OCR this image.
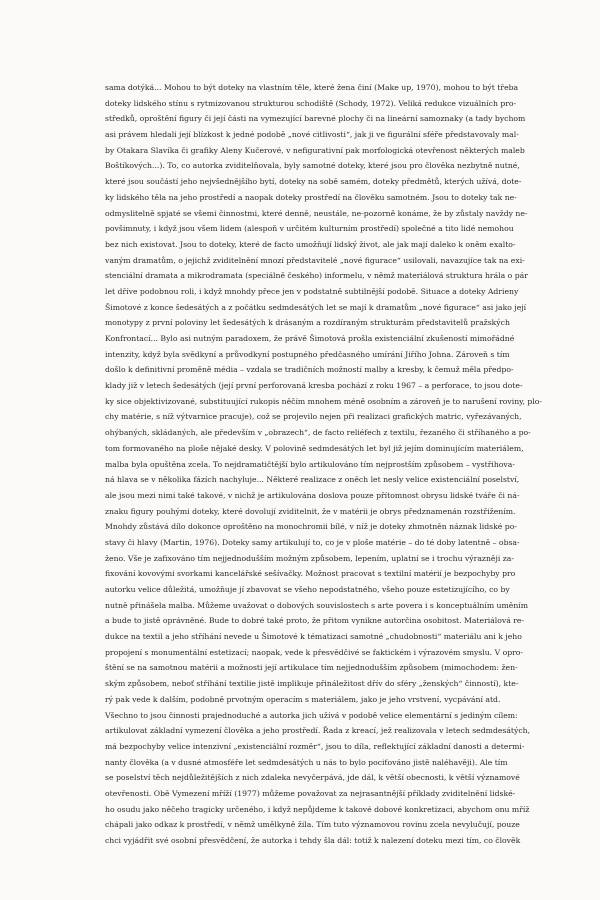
sama dotýká... Mohou to být doteky na vlastním těle, které žena činí (Make up, 1970), mohou to být třeba
doteky lidského stínu s rytmizovanou strukturou schodiště (Schody, 1972). Veliká redukce vizuálních pro-
středků, oproštění figury či její části na vymezující barevné plochy či na lineární samoznaky (a tady bychom
asi právem hledali její blízkost k jedné podobě „nové citlivosti“, jak ji ve figurální sféře představovaly mal-
by Otakara Slavíka či grafiky Aleny Kučerové, v nefigurativní pak morfologická otevřenost některých maleb
Boštíkových...). To, co autorka zviditelňovala, byly samotné doteky, které jsou pro člověka nezbytně nutné,
které jsou součástí jeho nejvšednějšího bytí, doteky na sobě samém, doteky předmětů, kterých užívá, dote-
ky lidského těla na jeho prostředí a naopak doteky prostředí na člověku samotném. Jsou to doteky tak ne-
odmyslitelně spjaté se všemi činnostmi, které denně, neustále, ne-pozorně konáme, že by zůstaly navždy ne-
povšimnuty, i když jsou všem lidem (alespoň v určitém kulturním prostředí) společné a tito lidé nemohou
bez nich existovat. Jsou to doteky, které de facto umožňují lidský život, ale jak mají daleko k oněm exalto-
vaným dramatům, o jejichž zviditelnění mnozí představitelé „nové figurace“ usilovali, navazujíce tak na exi-
stenciální dramata a mikrodramata (speciálně českého) informelu, v němž materiálová struktura hrála o pár
let dříve podobnou roli, i když mnohdy přece jen v podstatně subtilnější podobě. Situace a doteky Adrieny
Šimotové z konce šedesátých a z počátku sedmdesátých let se mají k dramatům „nové figurace“ asi jako její
monotypy z první poloviny let šedesátých k drásaným a rozdíraným strukturám představitelů pražských
Konfrontací... Bylo asi nutným paradoxem, že právě Šimotová prošla existenciální zkušeností mimořádné
intenzity, když byla svědkyní a průvodkyní postupného předčasného umírání Jiřího Johna. Zároveň s tím
došlo k definitivní proměně média – vzdala se tradičních možností malby a kresby, k čemuž měla předpo-
klady již v letech šedesátých (její první perforovaná kresba pochází z roku 1967 – a perforace, to jsou dote-
ky sice objektivizované, substituující rukopis něčím mnohem méně osobním a zároveň je to narušení roviny, plo-
chy matérie, s níž výtvarnice pracuje), což se projevilo nejen při realizaci grafických matric, vyřezávaných,
ohýbaných, skládaných, ale především v „obrazech“, de facto reliéfech z textilu, řezaného či stříhaného a po-
tom formovaného na ploše nějaké desky. V polovině sedmdesátých let byl již jejím dominujícím materiálem,
malba byla opuštěna zcela. To nejdramatičtější bylo artikulováno tím nejprostším způsobem – vystřihova-
ná hlava se v několika fázích nachyluje... Některé realizace z oněch let nesly velice existenciální poselství,
ale jsou mezi nimi také takové, v nichž je artikulována doslova pouze přítomnost obrysu lidské tváře či ná-
znaku figury pouhými doteky, které dovolují zviditelnit, že v matérii je obrys předznamenán rozstřižením.
Mnohdy zůstává dílo dokonce oproštěno na monochromii bílé, v níž je doteky zhmotněn náznak lidské po-
stavy či hlavy (Martin, 1976). Doteky samy artikulují to, co je v ploše matérie – do té doby latentně – obsa-
ženo. Vše je zafixováno tím nejjednodušším možným způsobem, lepením, uplatní se i trochu výrazněji za-
fixování kovovými svorkami kancelářské sešívačky. Možnost pracovat s textilní matérií je bezpochyby pro
autorku velice důležitá, umožňuje jí zbavovat se všeho nepodstatného, všeho pouze estetizujícího, co by
nutně přinášela malba. Můžeme uvažovat o dobových souvislostech s arte povera i s konceptuálním uměním
a bude to jistě oprávněné. Bude to dobré také proto, že přitom vynikne autorčina osobitost. Materiálová re-
dukce na textil a jeho stříhání nevede u Šimotové k tématizaci samotné „chudobnosti“ materiálu ani k jeho
propojení s monumentální estetizací; naopak, vede k přesvědčivé se faktickém i výrazovém smyslu. V opro-
štění se na samotnou matérii a možnosti její artikulace tím nejjednodušším způsobem (mimochodem: žen-
ským způsobem, neboť stříhání textilie jistě implikuje přináležitost dřív do sféry „ženských“ činností), kte-
rý pak vede k dalším, podobně prvotným operacím s materiálem, jako je jeho vrstvení, vycpávání atd.
Všechno to jsou činnosti prajednoduché a autorka jich užívá v podobě velice elementární s jediným cílem:
artikulovat základní vymezení člověka a jeho prostředí. Řada z kreací, jež realizovala v letech sedmdesátých,
má bezpochyby velice intenzivní „existenciální rozměr“, jsou to díla, reflektující základní danosti a determi-
nanty člověka (a v dusné atmosféře let sedmdesátých u nás to bylo pociťováno jistě naléhavěji). Ale tím
se poselství těch nejdůležitějších z nich zdaleka nevyčerpává, jde dál, k větší obecnosti, k větší významové
otevřenosti. Obě Vymezení mříží (1977) můžeme považovat za nejrasantnější příklady zviditelnění lidské-
ho osudu jako něčeho tragicky určeného, i když nepůjdeme k takové dobové konkretizaci, abychom onu mříž
chápali jako odkaz k prostředí, v němž umělkyně žila. Tím tuto významovou rovinu zcela nevylučují, pouze
chci vyjádřit své osobní přesvědčení, že autorka i tehdy šla dál: totiž k nalezení doteku mezi tím, co člověk
